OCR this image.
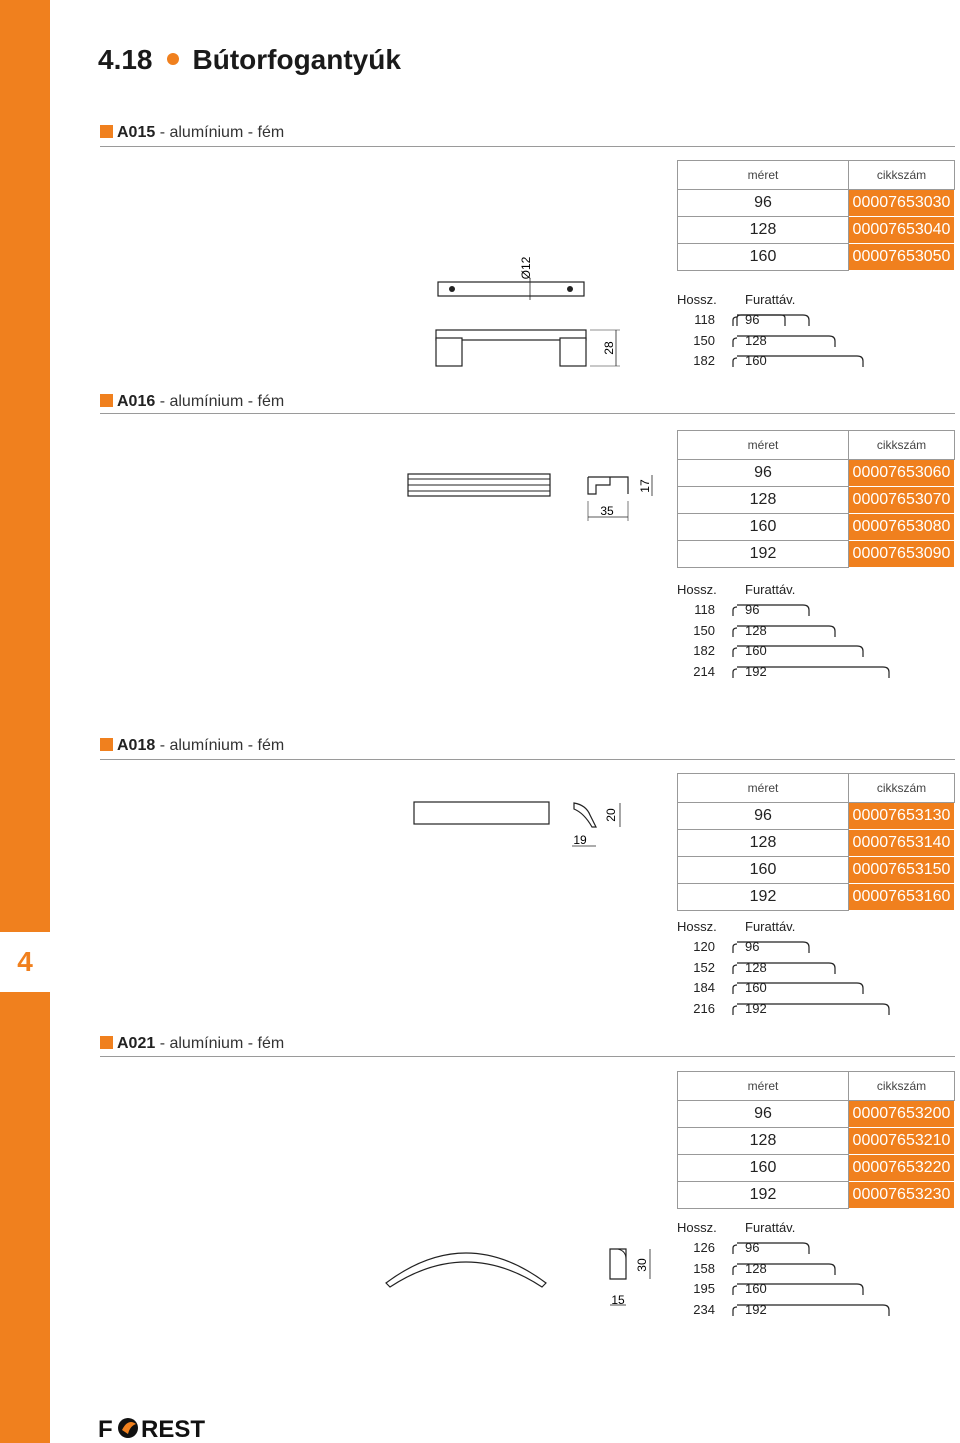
4
4.18 Bútorfogantyúk
A015 - alumínium - fém
méret	cikkszám
96	00007653030
128	00007653040
160	00007653050
Hossz. Furattáv.
118 96
150 128
182 160
Ø12
28
A016 - alumínium - fém
méret	cikkszám
96	00007653060
128	00007653070
160	00007653080
192	00007653090
Hossz. Furattáv.
118 96
150 128
182 160
214 192
35
17
A018 - alumínium - fém
méret	cikkszám
96	00007653130
128	00007653140
160	00007653150
192	00007653160
Hossz. Furattáv.
120 96
152 128
184 160
216 192
19
20
A021 - alumínium - fém
méret	cikkszám
96	00007653200
128	00007653210
160	00007653220
192	00007653230
Hossz. Furattáv.
126 96
158 128
195 160
234 192
15
30
F REST
